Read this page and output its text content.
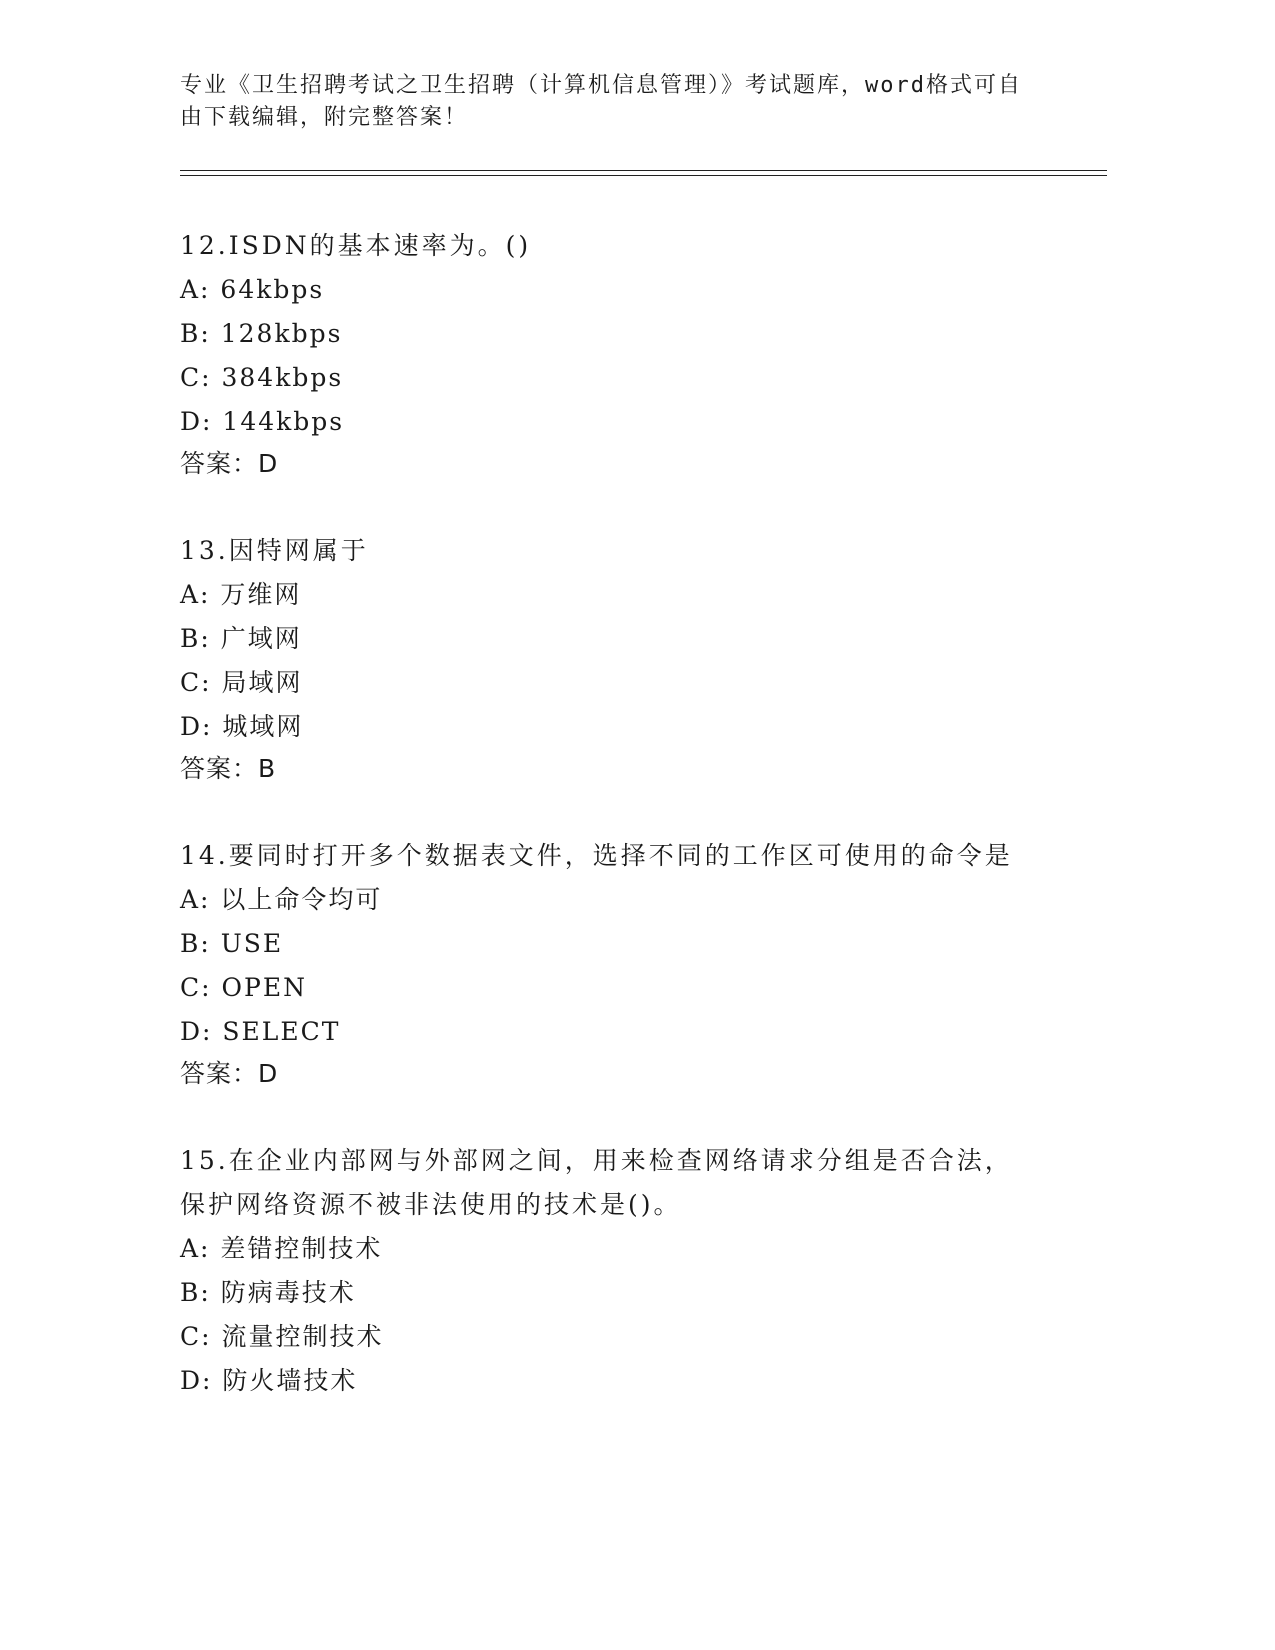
专业《卫生招聘考试之卫生招聘（计算机信息管理）》考试题库，word格式可自由下载编辑，附完整答案！

12.ISDN的基本速率为。()

A: 64kbps
B: 128kbps
C: 384kbps
D: 144kbps
答案：D

13.因特网属于

A: 万维网
B: 广域网
C: 局域网
D: 城域网
答案：B

14.要同时打开多个数据表文件，选择不同的工作区可使用的命令是

A: 以上命令均可
B: USE
C: OPEN
D: SELECT
答案：D

15.在企业内部网与外部网之间，用来检查网络请求分组是否合法，保护网络资源不被非法使用的技术是()。

A: 差错控制技术
B: 防病毒技术
C: 流量控制技术
D: 防火墙技术
